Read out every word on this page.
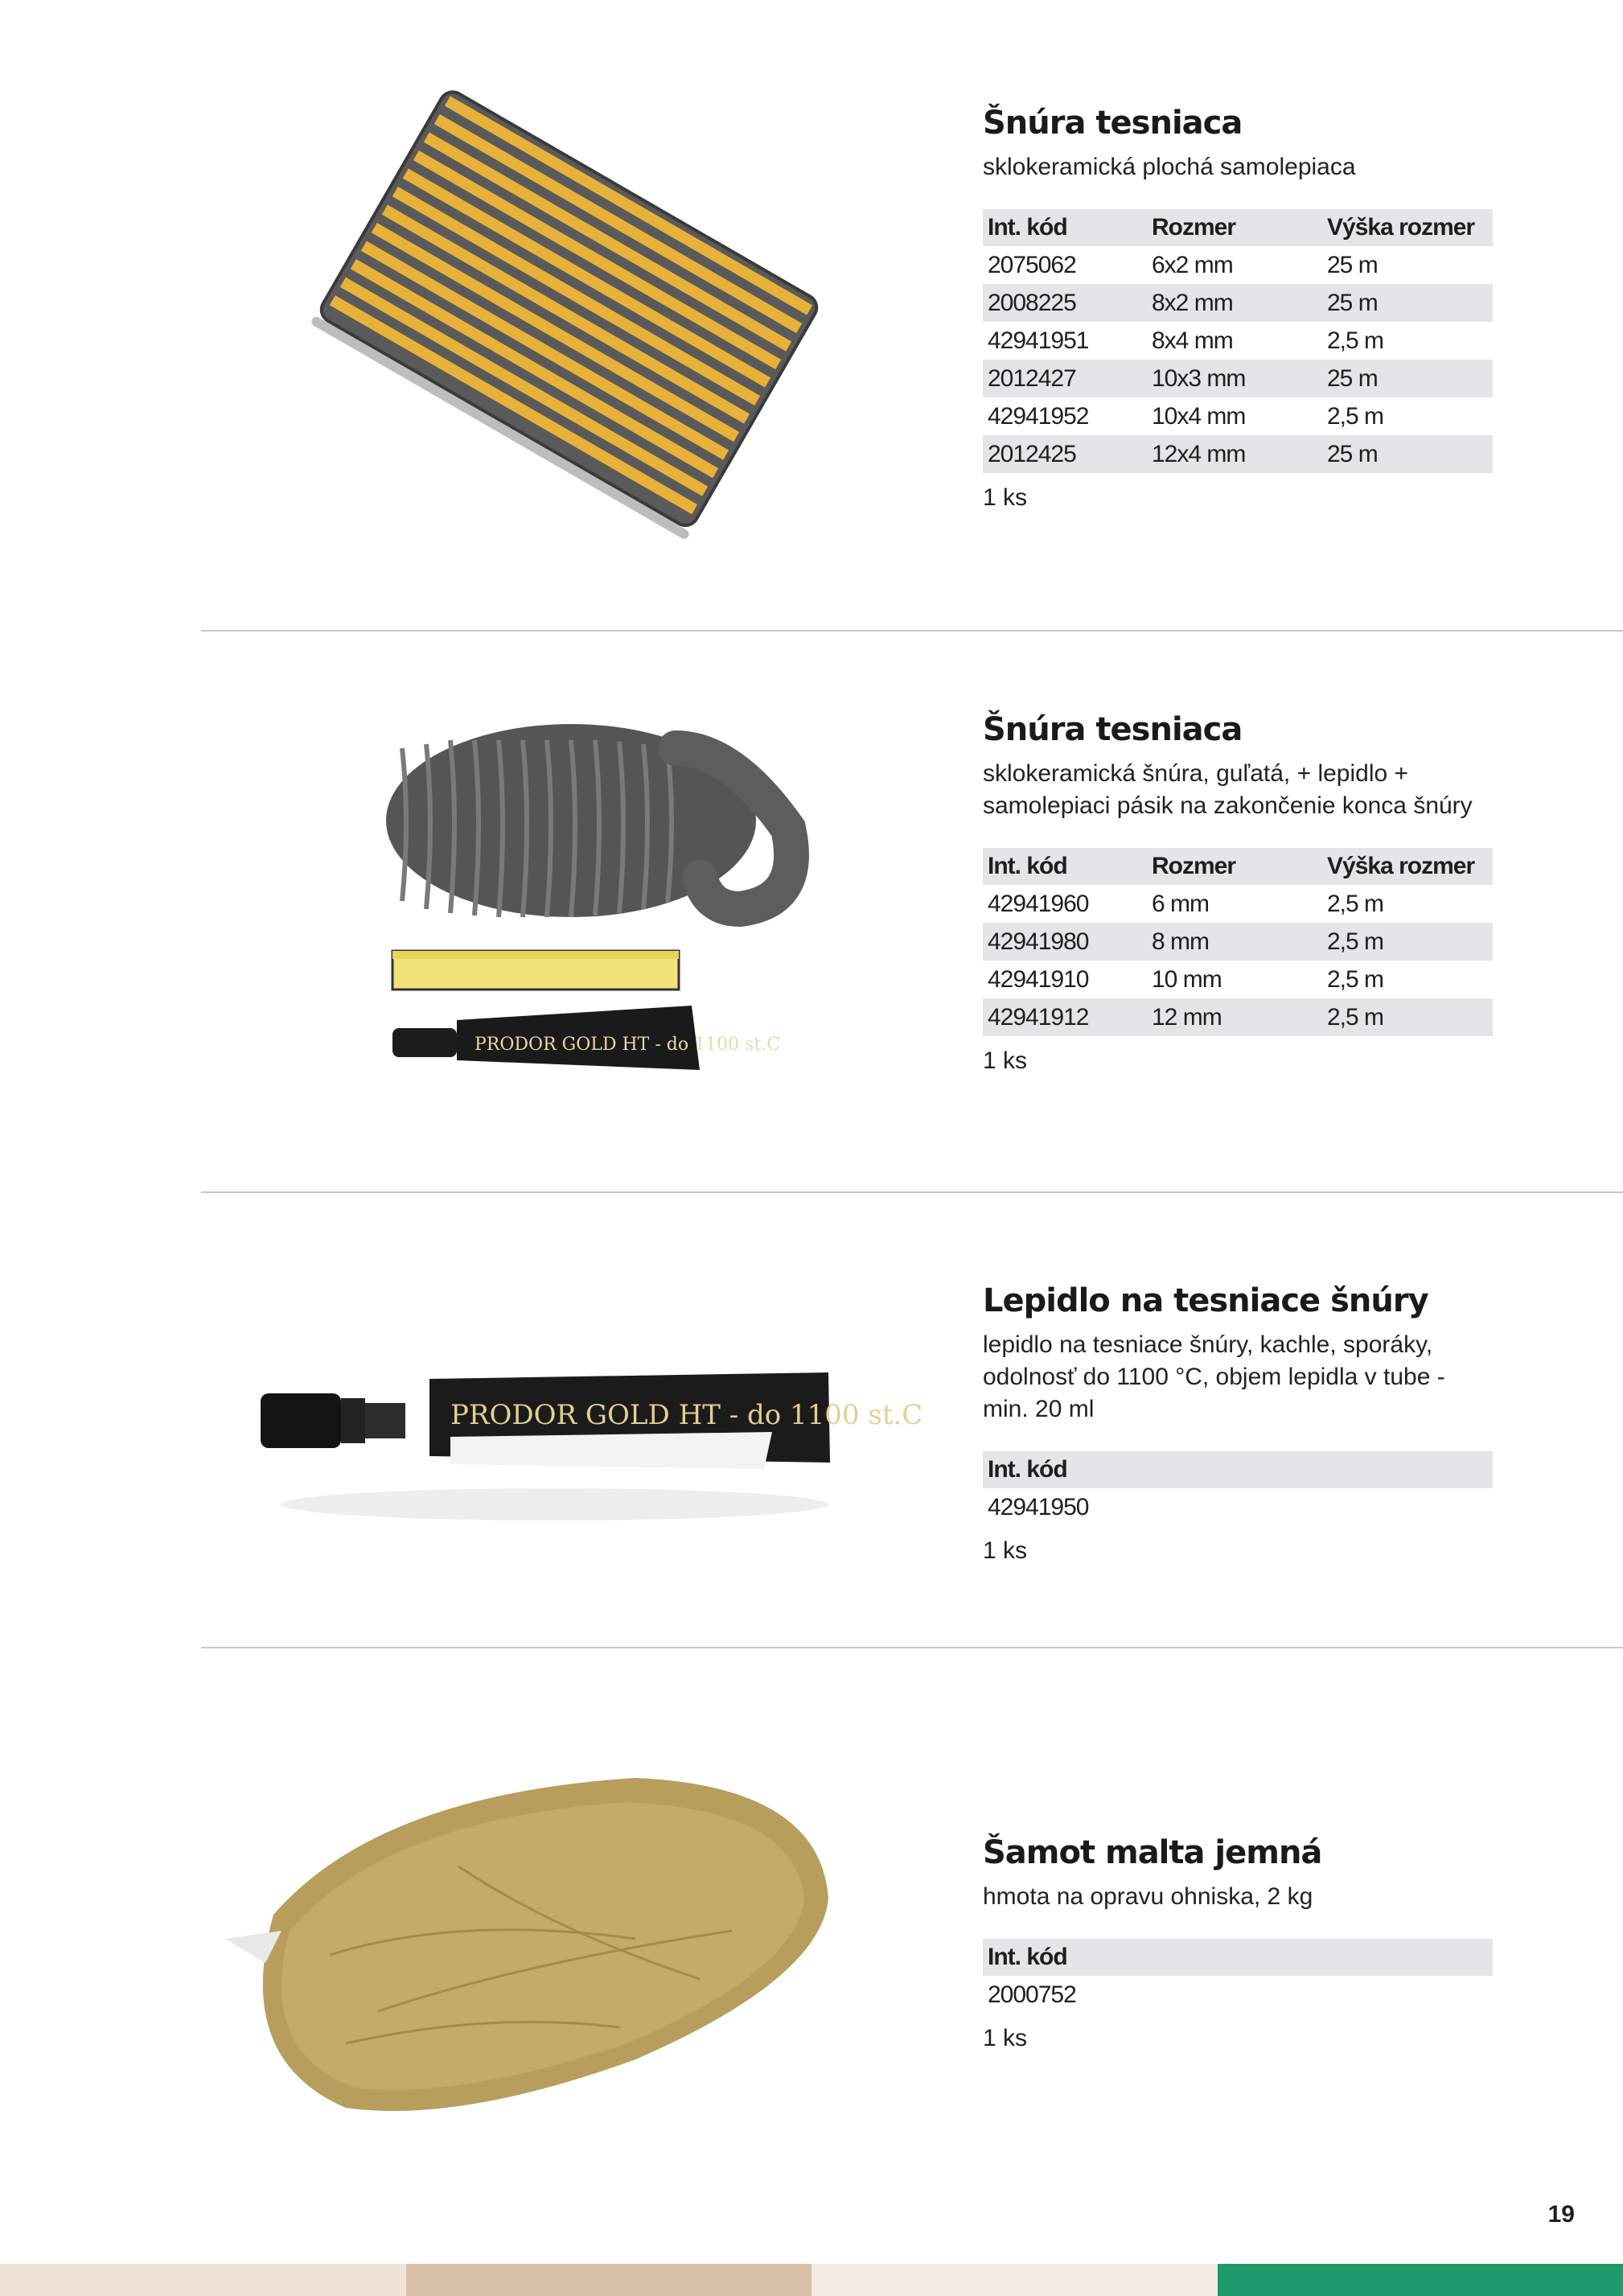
Šnúra tesniaca
sklokeramická plochá samolepiaca
Int. kód	Rozmer	Výška rozmer
2075062	6x2 mm	25 m
2008225	8x2 mm	25 m
42941951	8x4 mm	2,5 m
2012427	10x3 mm	25 m
42941952	10x4 mm	2,5 m
2012425	12x4 mm	25 m
1 ks
PRODOR GOLD HT - do 1100 st.C
Šnúra tesniaca
sklokeramická šnúra, guľatá, + lepidlo + samolepiaci pásik na zakončenie konca šnúry
Int. kód	Rozmer	Výška rozmer
42941960	6 mm	2,5 m
42941980	8 mm	2,5 m
42941910	10 mm	2,5 m
42941912	12 mm	2,5 m
1 ks
PRODOR GOLD HT - do 1100 st.C
Lepidlo na tesniace šnúry
lepidlo na tesniace šnúry, kachle, sporáky, odolnosť do 1100 °C, objem lepidla v tube - min. 20 ml
Int. kód
42941950
1 ks
Šamot malta jemná
hmota na opravu ohniska, 2 kg
Int. kód
2000752
1 ks
19
